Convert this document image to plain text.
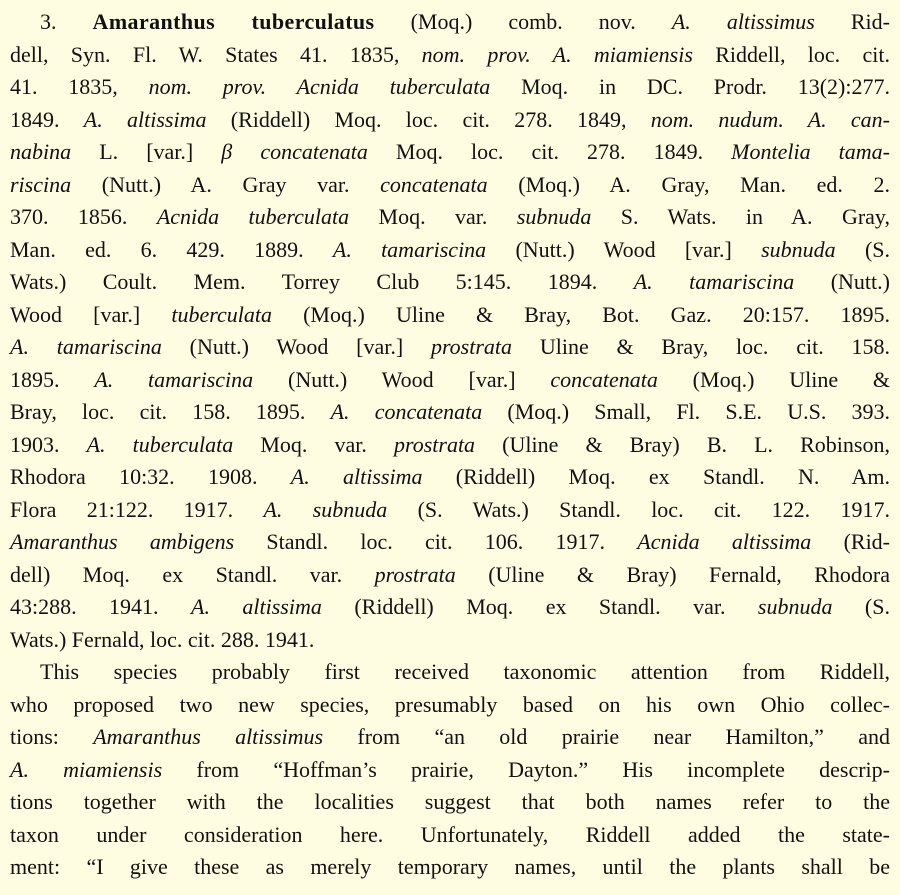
3. Amaranthus tuberculatus (Moq.) comb. nov. A. altissimus Rid-
dell, Syn. Fl. W. States 41. 1835, nom. prov. A. miamiensis Riddell, loc. cit.
41. 1835, nom. prov. Acnida tuberculata Moq. in DC. Prodr. 13(2):277.
1849. A. altissima (Riddell) Moq. loc. cit. 278. 1849, nom. nudum. A. can-
nabina L. [var.] β concatenata Moq. loc. cit. 278. 1849. Montelia tama-
riscina (Nutt.) A. Gray var. concatenata (Moq.) A. Gray, Man. ed. 2.
370. 1856. Acnida tuberculata Moq. var. subnuda S. Wats. in A. Gray,
Man. ed. 6. 429. 1889. A. tamariscina (Nutt.) Wood [var.] subnuda (S.
Wats.) Coult. Mem. Torrey Club 5:145. 1894. A. tamariscina (Nutt.)
Wood [var.] tuberculata (Moq.) Uline & Bray, Bot. Gaz. 20:157. 1895.
A. tamariscina (Nutt.) Wood [var.] prostrata Uline & Bray, loc. cit. 158.
1895. A. tamariscina (Nutt.) Wood [var.] concatenata (Moq.) Uline &
Bray, loc. cit. 158. 1895. A. concatenata (Moq.) Small, Fl. S.E. U.S. 393.
1903. A. tuberculata Moq. var. prostrata (Uline & Bray) B. L. Robinson,
Rhodora 10:32. 1908. A. altissima (Riddell) Moq. ex Standl. N. Am.
Flora 21:122. 1917. A. subnuda (S. Wats.) Standl. loc. cit. 122. 1917.
Amaranthus ambigens Standl. loc. cit. 106. 1917. Acnida altissima (Rid-
dell) Moq. ex Standl. var. prostrata (Uline & Bray) Fernald, Rhodora
43:288. 1941. A. altissima (Riddell) Moq. ex Standl. var. subnuda (S.
Wats.) Fernald, loc. cit. 288. 1941.
This species probably first received taxonomic attention from Riddell,
who proposed two new species, presumably based on his own Ohio collec-
tions: Amaranthus altissimus from “an old prairie near Hamilton,” and
A. miamiensis from “Hoffman’s prairie, Dayton.” His incomplete descrip-
tions together with the localities suggest that both names refer to the
taxon under consideration here. Unfortunately, Riddell added the state-
ment: “I give these as merely temporary names, until the plants shall be
